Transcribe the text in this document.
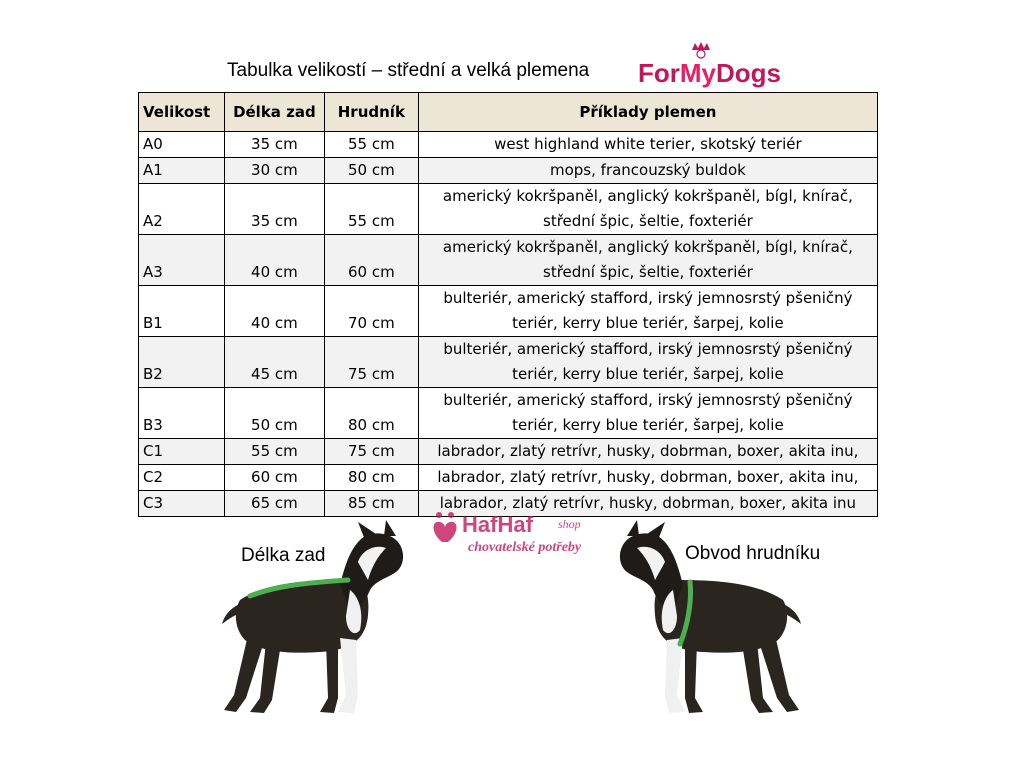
Tabulka velikostí – střední a velká plemena ForMyDogs
Velikost	Délka zad	Hrudník	Příklady plemen
A0	35 cm	55 cm	west highland white terier, skotský teriér

A1	30 cm	50 cm	mops, francouzský buldok

A2	35 cm	55 cm	americký kokršpaněl, anglický kokršpaněl, bígl, knírač,
střední špic, šeltie, foxteriér

A3	40 cm	60 cm	americký kokršpaněl, anglický kokršpaněl, bígl, knírač,
střední špic, šeltie, foxteriér

B1	40 cm	70 cm	bulteriér, americký stafford, irský jemnosrstý pšeničný
teriér, kerry blue teriér, šarpej, kolie

B2	45 cm	75 cm	bulteriér, americký stafford, irský jemnosrstý pšeničný
teriér, kerry blue teriér, šarpej, kolie

B3	50 cm	80 cm	bulteriér, americký stafford, irský jemnosrstý pšeničný
teriér, kerry blue teriér, šarpej, kolie

C1	55 cm	75 cm	labrador, zlatý retrívr, husky, dobrman, boxer, akita inu,

C2	60 cm	80 cm	labrador, zlatý retrívr, husky, dobrman, boxer, akita inu,

C3	65 cm	85 cm	labrador, zlatý retrívr, husky, dobrman, boxer, akita inu
Délka zad	Obvod hrudníku
HafHaf shop
chovatelské potřeby
